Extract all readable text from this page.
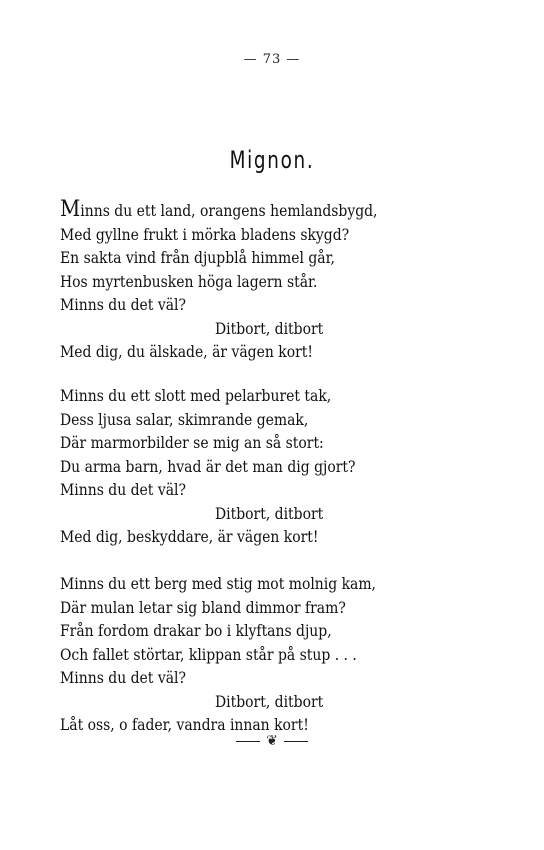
— 73 —
Mignon.
Minns du ett land, orangens hemlandsbygd,
Med gyllne frukt i mörka bladens skygd?
En sakta vind från djupblå himmel går,
Hos myrtenbusken höga lagern står.
Minns du det väl?
Ditbort, ditbort
Med dig, du älskade, är vägen kort!
Minns du ett slott med pelarburet tak,
Dess ljusa salar, skimrande gemak,
Där marmorbilder se mig an så stort:
Du arma barn, hvad är det man dig gjort?
Minns du det väl?
Ditbort, ditbort
Med dig, beskyddare, är vägen kort!
Minns du ett berg med stig mot molnig kam,
Där mulan letar sig bland dimmor fram?
Från fordom drakar bo i klyftans djup,
Och fallet störtar, klippan står på stup . . .
Minns du det väl?
Ditbort, ditbort
Låt oss, o fader, vandra innan kort!
❦
